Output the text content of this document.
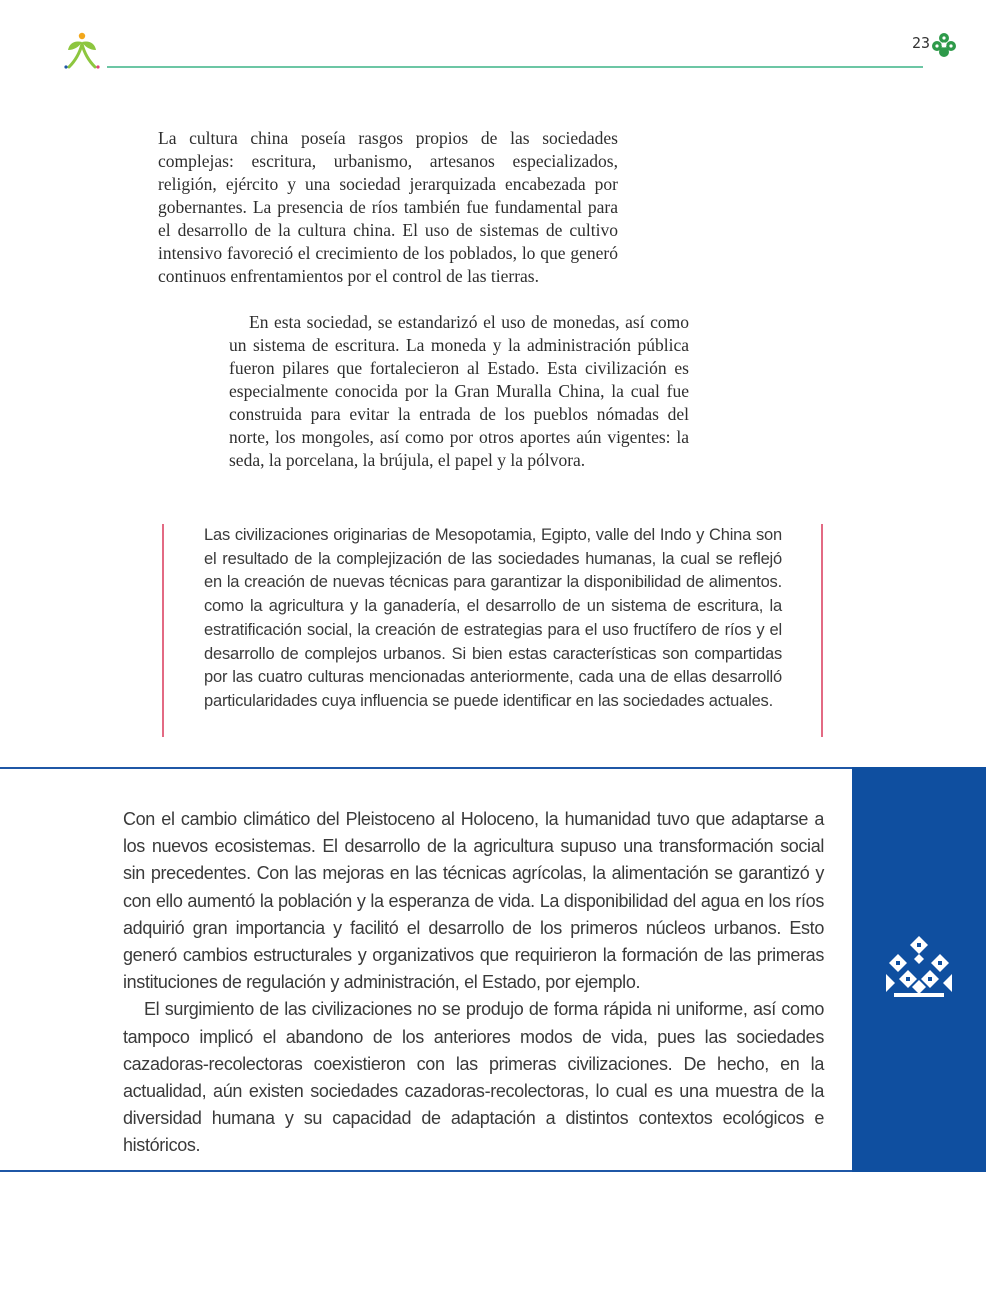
23

La cultura china poseía rasgos propios de las sociedades complejas: escritura, urbanismo, artesanos especializados, religión, ejército y una sociedad jerarquizada encabezada por gobernantes. La presencia de ríos también fue fundamental para el desarrollo de la cultura china. El uso de sistemas de cultivo intensivo favoreció el crecimiento de los poblados, lo que generó continuos enfrentamientos por el control de las tierras.

En esta sociedad, se estandarizó el uso de monedas, así como un sistema de escritura. La moneda y la administración pública fueron pilares que fortalecieron al Estado. Esta civilización es especialmente conocida por la Gran Muralla China, la cual fue construida para evitar la entrada de los pueblos nómadas del norte, los mongoles, así como por otros aportes aún vigentes: la seda, la porcelana, la brújula, el papel y la pólvora.

Las civilizaciones originarias de Mesopotamia, Egipto, valle del Indo y China son el resultado de la complejización de las sociedades humanas, la cual se reflejó en la creación de nuevas técnicas para garantizar la disponibilidad de alimentos. como la agricultura y la ganadería, el desarrollo de un sistema de escritura, la estratificación social, la creación de estrategias para el uso fructífero de ríos y el desarrollo de complejos urbanos. Si bien estas características son compartidas por las cuatro culturas mencionadas anteriormente, cada una de ellas desarrolló particularidades cuya influencia se puede identificar en las sociedades actuales.

Con el cambio climático del Pleistoceno al Holoceno, la humanidad tuvo que adaptarse a los nuevos ecosistemas. El desarrollo de la agricultura supuso una transformación social sin precedentes. Con las mejoras en las técnicas agrícolas, la alimentación se garantizó y con ello aumentó la población y la esperanza de vida. La disponibilidad del agua en los ríos adquirió gran importancia y facilitó el desarrollo de los primeros núcleos urbanos. Esto generó cambios estructurales y organizativos que requirieron la formación de las primeras instituciones de regulación y administración, el Estado, por ejemplo.

El surgimiento de las civilizaciones no se produjo de forma rápida ni uniforme, así como tampoco implicó el abandono de los anteriores modos de vida, pues las sociedades cazadoras-recolectoras coexistieron con las primeras civilizaciones. De hecho, en la actualidad, aún existen sociedades cazadoras-recolectoras, lo cual es una muestra de la diversidad humana y su capacidad de adaptación a distintos contextos ecológicos e históricos.
